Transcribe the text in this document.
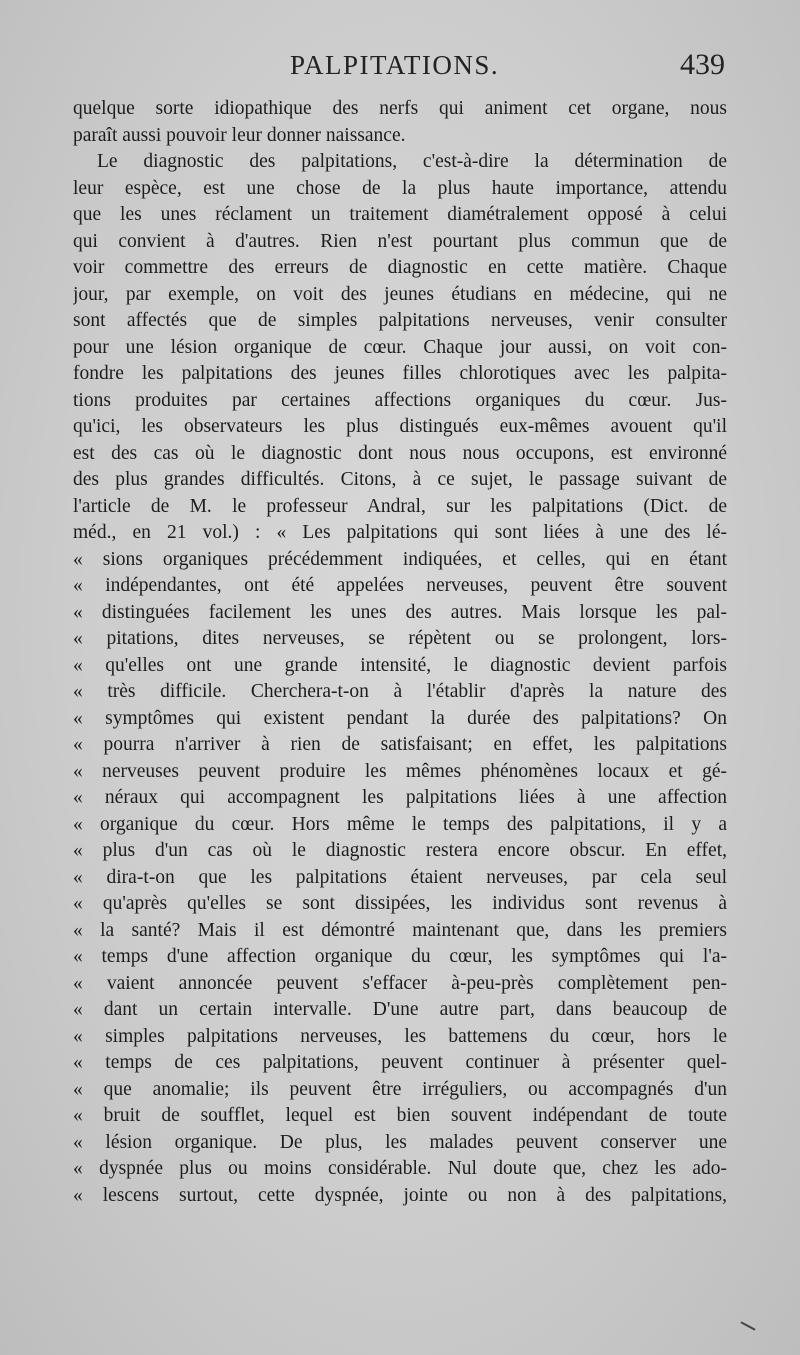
PALPITATIONS.	439
quelque sorte idiopathique des nerfs qui animent cet organe, nous
paraît aussi pouvoir leur donner naissance.
Le diagnostic des palpitations, c'est-à-dire la détermination de
leur espèce, est une chose de la plus haute importance, attendu
que les unes réclament un traitement diamétralement opposé à celui
qui convient à d'autres. Rien n'est pourtant plus commun que de
voir commettre des erreurs de diagnostic en cette matière. Chaque
jour, par exemple, on voit des jeunes étudians en médecine, qui ne
sont affectés que de simples palpitations nerveuses, venir consulter
pour une lésion organique de cœur. Chaque jour aussi, on voit con-
fondre les palpitations des jeunes filles chlorotiques avec les palpita-
tions produites par certaines affections organiques du cœur. Jus-
qu'ici, les observateurs les plus distingués eux-mêmes avouent qu'il
est des cas où le diagnostic dont nous nous occupons, est environné
des plus grandes difficultés. Citons, à ce sujet, le passage suivant de
l'article de M. le professeur Andral, sur les palpitations (Dict. de
méd., en 21 vol.) : « Les palpitations qui sont liées à une des lé-
« sions organiques précédemment indiquées, et celles, qui en étant
« indépendantes, ont été appelées nerveuses, peuvent être souvent
« distinguées facilement les unes des autres. Mais lorsque les pal-
« pitations, dites nerveuses, se répètent ou se prolongent, lors-
« qu'elles ont une grande intensité, le diagnostic devient parfois
« très difficile. Cherchera-t-on à l'établir d'après la nature des
« symptômes qui existent pendant la durée des palpitations? On
« pourra n'arriver à rien de satisfaisant; en effet, les palpitations
« nerveuses peuvent produire les mêmes phénomènes locaux et gé-
« néraux qui accompagnent les palpitations liées à une affection
« organique du cœur. Hors même le temps des palpitations, il y a
« plus d'un cas où le diagnostic restera encore obscur. En effet,
« dira-t-on que les palpitations étaient nerveuses, par cela seul
« qu'après qu'elles se sont dissipées, les individus sont revenus à
« la santé? Mais il est démontré maintenant que, dans les premiers
« temps d'une affection organique du cœur, les symptômes qui l'a-
« vaient annoncée peuvent s'effacer à-peu-près complètement pen-
« dant un certain intervalle. D'une autre part, dans beaucoup de
« simples palpitations nerveuses, les battemens du cœur, hors le
« temps de ces palpitations, peuvent continuer à présenter quel-
« que anomalie; ils peuvent être irréguliers, ou accompagnés d'un
« bruit de soufflet, lequel est bien souvent indépendant de toute
« lésion organique. De plus, les malades peuvent conserver une
« dyspnée plus ou moins considérable. Nul doute que, chez les ado-
« lescens surtout, cette dyspnée, jointe ou non à des palpitations,
